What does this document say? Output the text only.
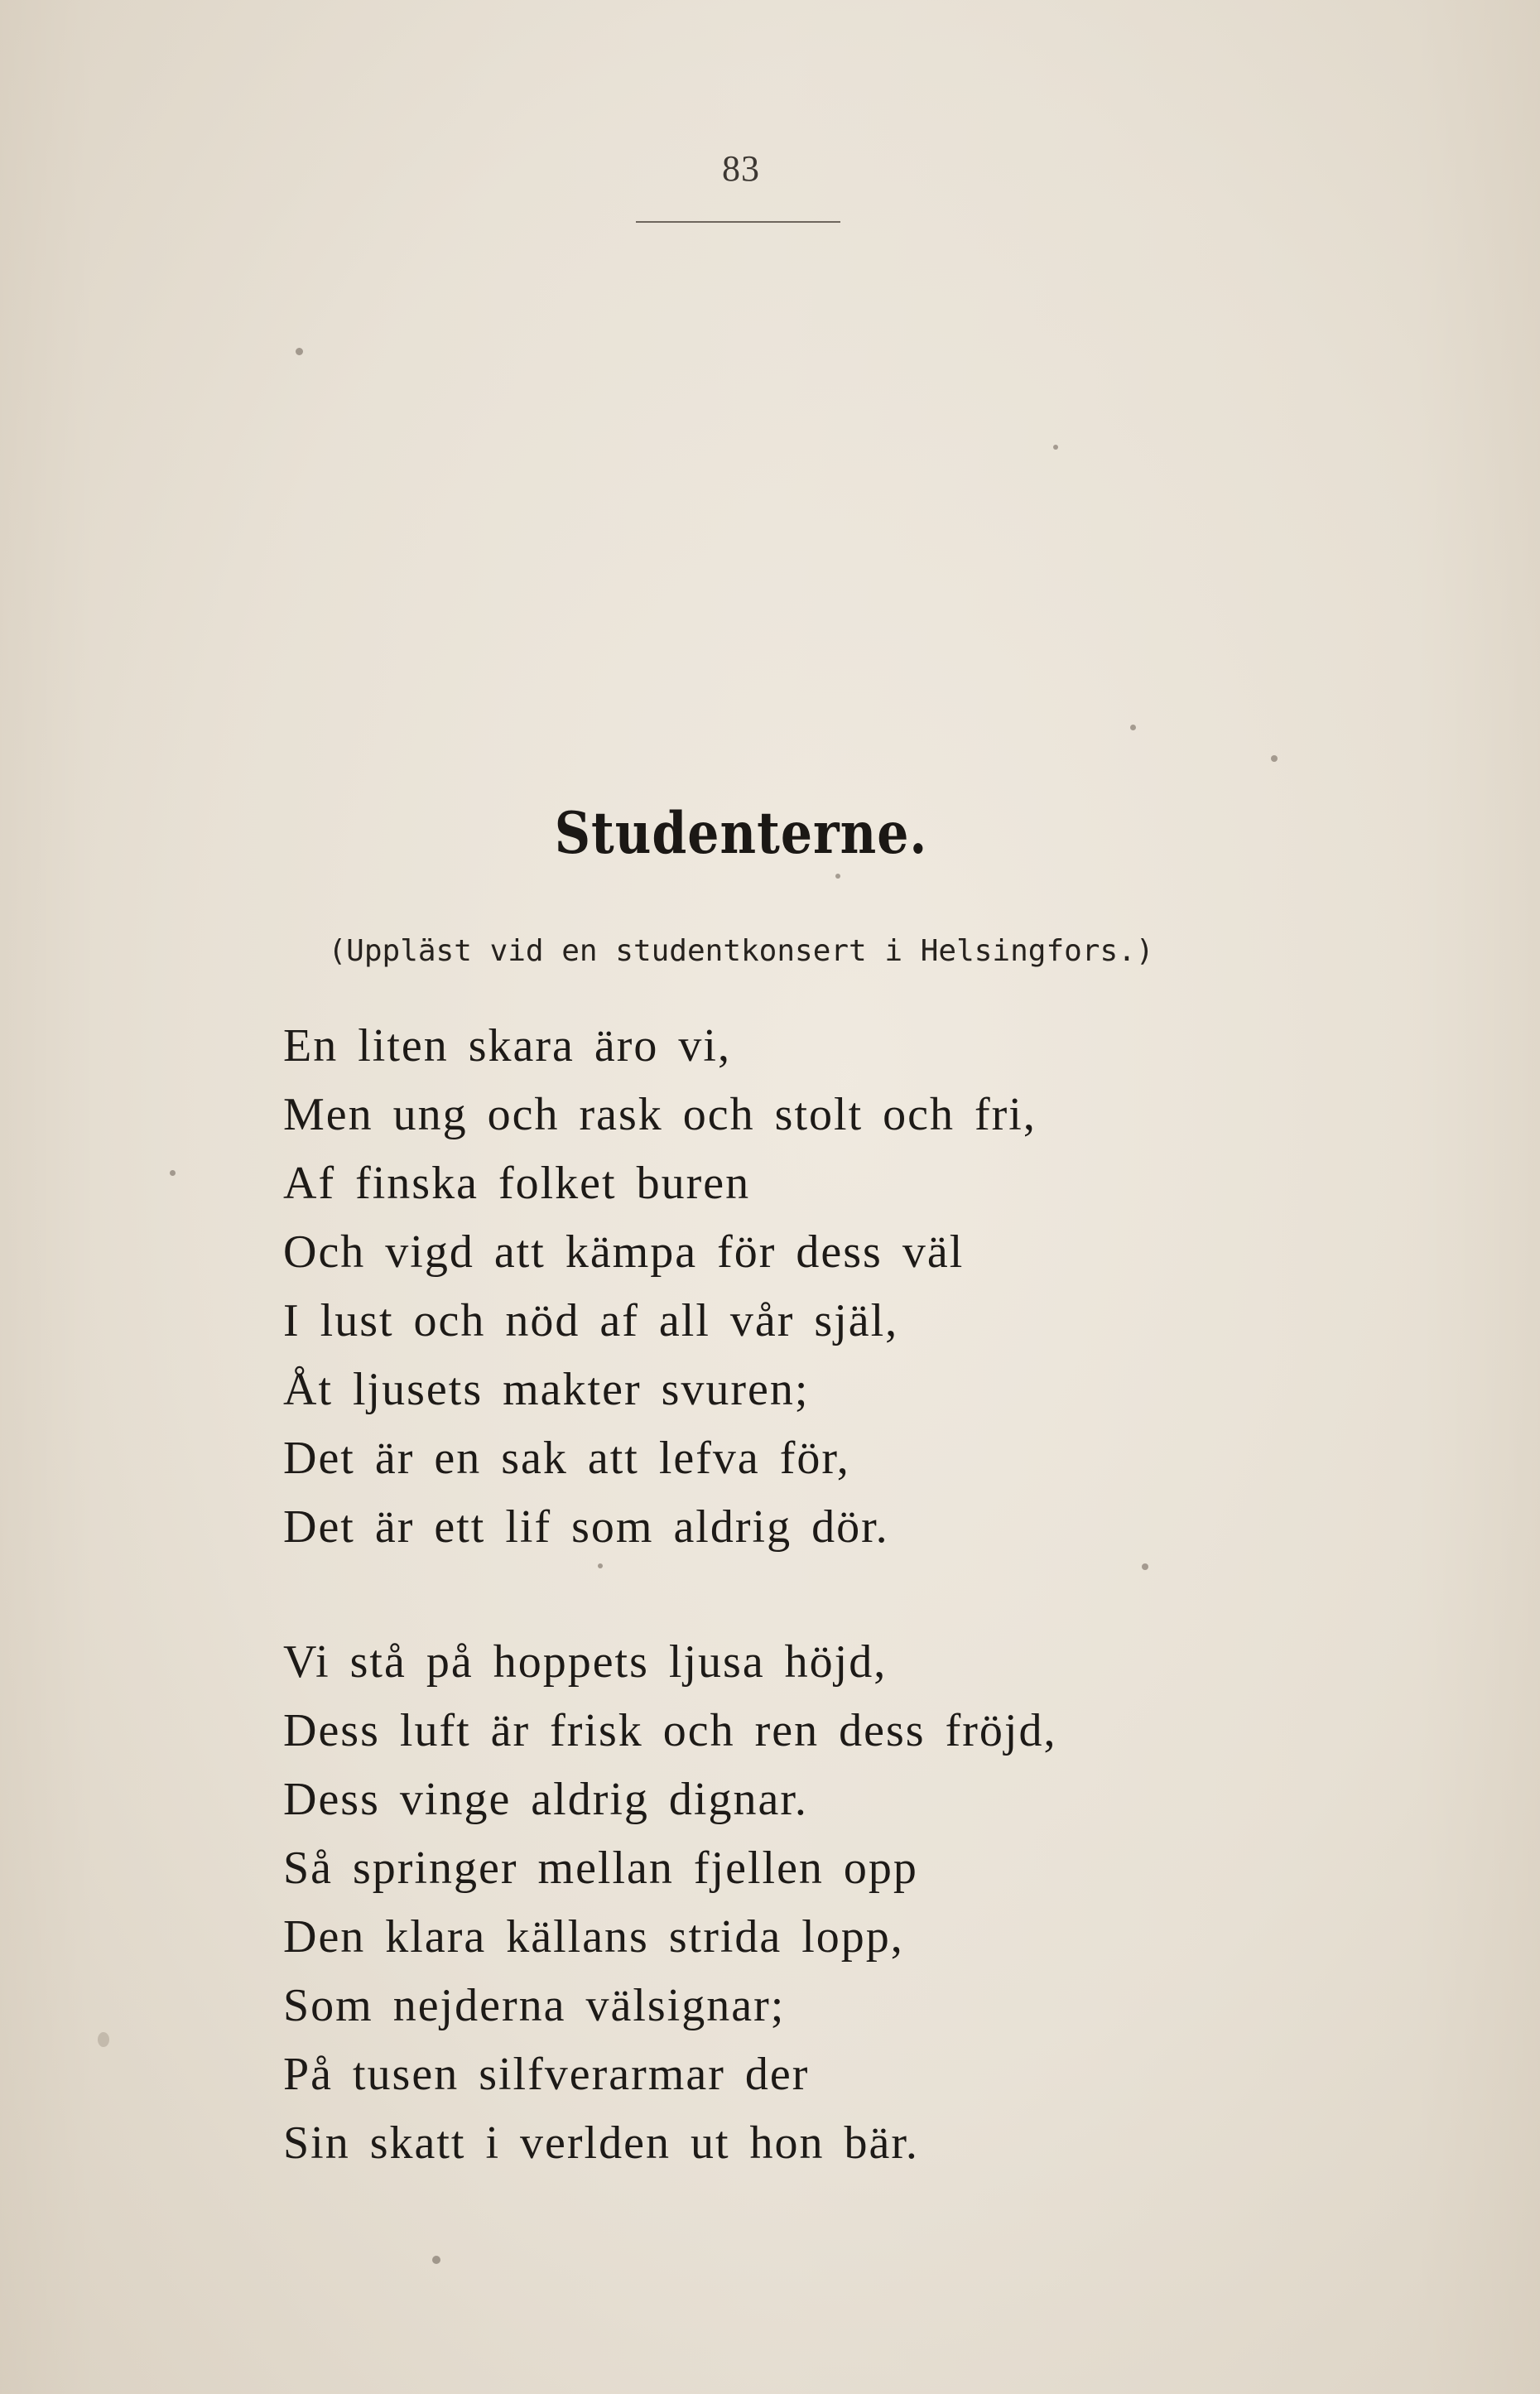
83
Studenterne.
(Uppläst vid en studentkonsert i Helsingfors.)
En liten skara äro vi,
Men ung och rask och stolt och fri,
Af finska folket buren
Och vigd att kämpa för dess väl
I lust och nöd af all vår själ,
Åt ljusets makter svuren;
Det är en sak att lefva för,
Det är ett lif som aldrig dör.
Vi stå på hoppets ljusa höjd,
Dess luft är frisk och ren dess fröjd,
Dess vinge aldrig dignar.
Så springer mellan fjellen opp
Den klara källans strida lopp,
Som nejderna välsignar;
På tusen silfverarmar der
Sin skatt i verlden ut hon bär.
